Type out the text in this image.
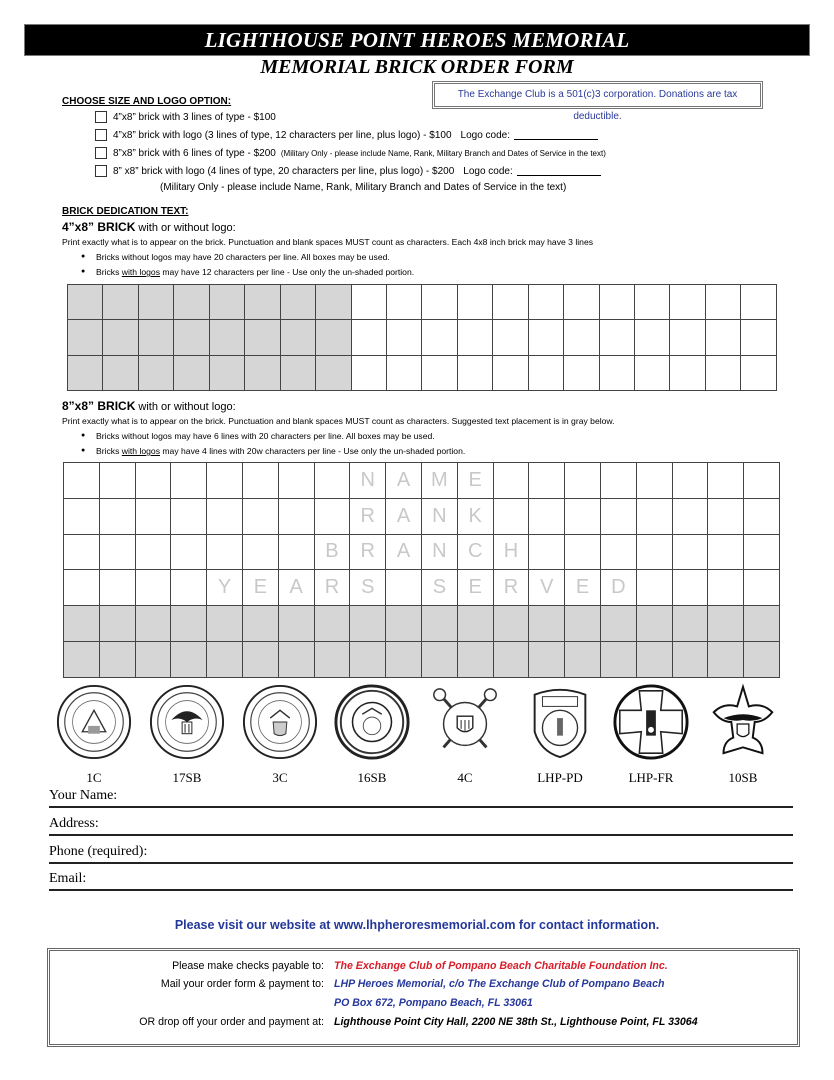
LIGHTHOUSE POINT HEROES MEMORIAL
MEMORIAL BRICK ORDER FORM
The Exchange Club is a 501(c)3 corporation. Donations are tax deductible.
CHOOSE SIZE AND LOGO OPTION:
4”x8” brick with 3 lines of type - $100
4”x8” brick with logo (3 lines of type, 12 characters per line, plus logo) - $100 Logo code:
8”x8” brick with 6 lines of type - $200 (Military Only - please include Name, Rank, Military Branch and Dates of Service in the text)
8” x8” brick with logo (4 lines of type, 20 characters per line, plus logo) - $200 Logo code:
(Military Only - please include Name, Rank, Military Branch and Dates of Service in the text)
BRICK DEDICATION TEXT:
4”x8” BRICK with or without logo:
Print exactly what is to appear on the brick. Punctuation and blank spaces MUST count as characters. Each 4x8 inch brick may have 3 lines
● Bricks without logos may have 20 characters per line. All boxes may be used.
● Bricks with logos may have 12 characters per line - Use only the un-shaded portion.

8”x8” BRICK with or without logo:
Print exactly what is to appear on the brick. Punctuation and blank spaces MUST count as characters. Suggested text placement is in gray below.
● Bricks without logos may have 6 lines with 20 characters per line. All boxes may be used.
● Bricks with logos may have 4 lines with 20w characters per line - Use only the un-shaded portion.
								N	A	M	E								
								R	A	N	K								
							B	R	A	N	C	H							
				Y	E	A	R	S		S	E	R	V	E	D				

1C	17SB	3C	16SB	4C	LHP-PD	LHP-FR	10SB
Your Name:
Address:
Phone (required):
Email:
Please visit our website at www.lhpheroresmemorial.com for contact information.
Please make checks payable to: The Exchange Club of Pompano Beach Charitable Foundation Inc.
Mail your order form & payment to: LHP Heroes Memorial, c/o The Exchange Club of Pompano Beach
PO Box 672, Pompano Beach, FL 33061
OR drop off your order and payment at: Lighthouse Point City Hall, 2200 NE 38th St., Lighthouse Point, FL 33064
